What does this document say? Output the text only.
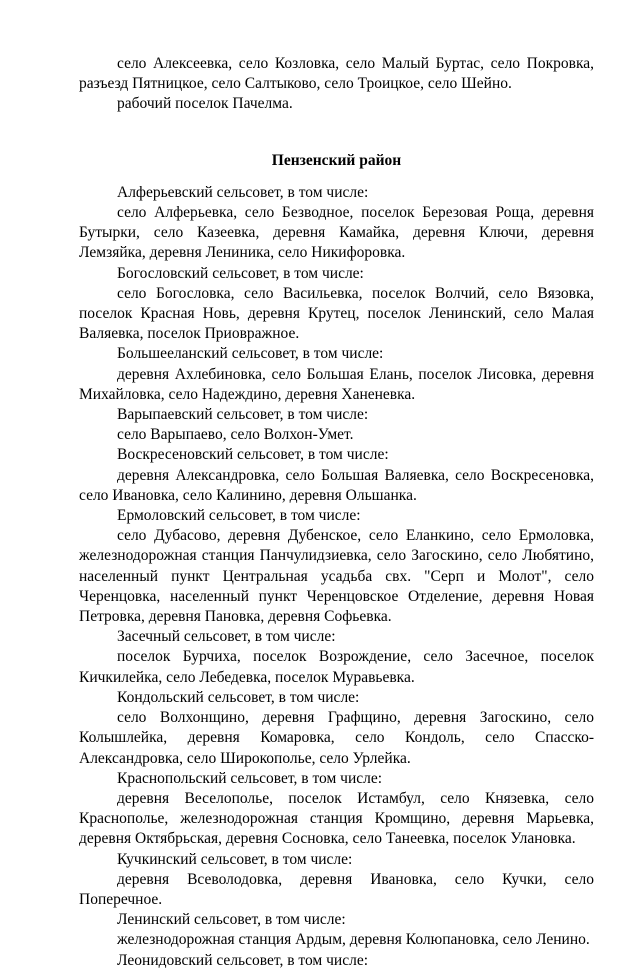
село Алексеевка, село Козловка, село Малый Буртас, село Покровка, разъезд Пятницкое, село Салтыково, село Троицкое, село Шейно.

рабочий поселок Пачелма.

Пензенский район

Алферьевский сельсовет, в том числе:

село Алферьевка, село Безводное, поселок Березовая Роща, деревня Бутырки, село Казеевка, деревня Камайка, деревня Ключи, деревня Лемзяйка, деревня Лениника, село Никифоровка.

Богословский сельсовет, в том числе:

село Богословка, село Васильевка, поселок Волчий, село Вязовка, поселок Красная Новь, деревня Крутец, поселок Ленинский, село Малая Валяевка, поселок Приовражное.

Большееланский сельсовет, в том числе:

деревня Ахлебиновка, село Большая Елань, поселок Лисовка, деревня Михайловка, село Надеждино, деревня Ханеневка.

Варыпаевский сельсовет, в том числе:

село Варыпаево, село Волхон-Умет.

Воскресеновский сельсовет, в том числе:

деревня Александровка, село Большая Валяевка, село Воскресеновка, село Ивановка, село Калинино, деревня Ольшанка.

Ермоловский сельсовет, в том числе:

село Дубасово, деревня Дубенское, село Еланкино, село Ермоловка, железнодорожная станция Панчулидзиевка, село Загоскино, село Любятино, населенный пункт Центральная усадьба свх. "Серп и Молот", село Черенцовка, населенный пункт Черенцовское Отделение, деревня Новая Петровка, деревня Пановка, деревня Софьевка.

Засечный сельсовет, в том числе:

поселок Бурчиха, поселок Возрождение, село Засечное, поселок Кичкилейка, село Лебедевка, поселок Муравьевка.

Кондольский сельсовет, в том числе:

село Волхонщино, деревня Графщино, деревня Загоскино, село Колышлейка, деревня Комаровка, село Кондоль, село Спасско-Александровка, село Широкополье, село Урлейка.

Краснопольский сельсовет, в том числе:

деревня Веселополье, поселок Истамбул, село Князевка, село Краснополье, железнодорожная станция Кромщино, деревня Марьевка, деревня Октябрьская, деревня Сосновка, село Танеевка, поселок Улановка.

Кучкинский сельсовет, в том числе:

деревня Всеволодовка, деревня Ивановка, село Кучки, село Поперечное.

Ленинский сельсовет, в том числе:

железнодорожная станция Ардым, деревня Колюпановка, село Ленино.

Леонидовский сельсовет, в том числе:
